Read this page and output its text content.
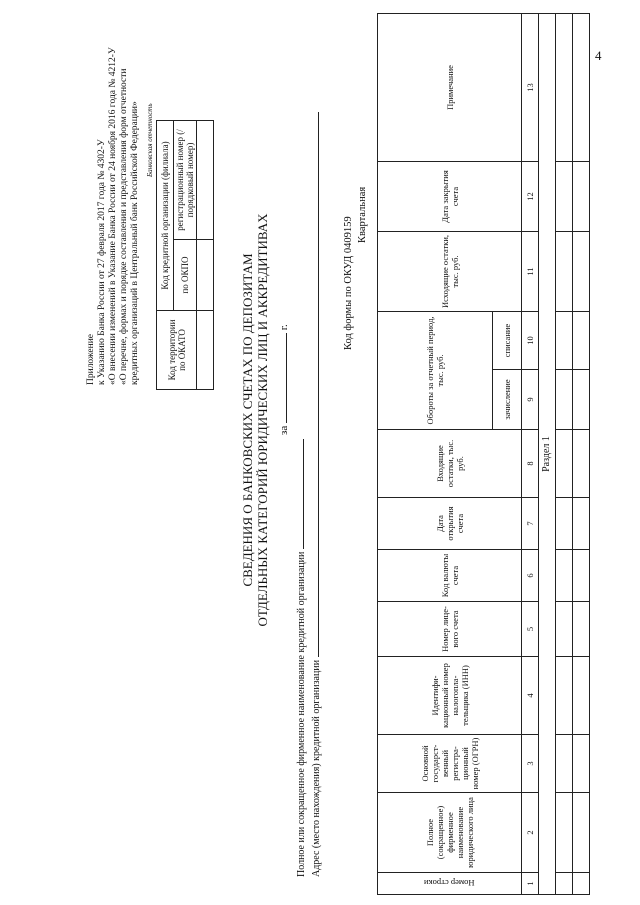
4
Приложение к Указанию Банка России от 27 февраля 2017 года № 4302-У «О внесении изменений в Указание Банка России от 24 ноября 2016 года № 4212-У «О перечне, формах и порядке составления и представления форм отчетности кредитных организаций в Центральный банк Российской Федерации» Банковская отчетность
Код территории по ОКАТО	Код кредитной организации (филиала)	
	по ОКПО	регистрационный номер (/порядковый номер)

СВЕДЕНИЯ О БАНКОВСКИХ СЧЕТАХ ПО ДЕПОЗИТАМ ОТДЕЛЬНЫХ КАТЕГОРИЙ ЮРИДИЧЕСКИХ ЛИЦ И АККРЕДИТИВАХ за  г.
Полное или сокращенное фирменное наименование кредитной организации Адрес (место нахождения) кредитной организации
Код формы по ОКУД 0409159
Квартальная
Номер строки	Полное (сокращенное) фирменное наименование юридического лица	Основной государст-венный регистра-ционный номер (ОГРН)	Идентифи-кационный номер налогопла-тельщика (ИНН)	Номер лице-вого счета	Код валюты счета	Дата открытия счета	Входящие остатки, тыс. руб.	Обороты за отчетный период, тыс. руб.		Исходящие остатки, тыс. руб.	Дата закрытия счета	Примечание
								зачисление	списание			
1	2	3	4	5	6	7	8	9	10	11	12	13
Раздел 1												
